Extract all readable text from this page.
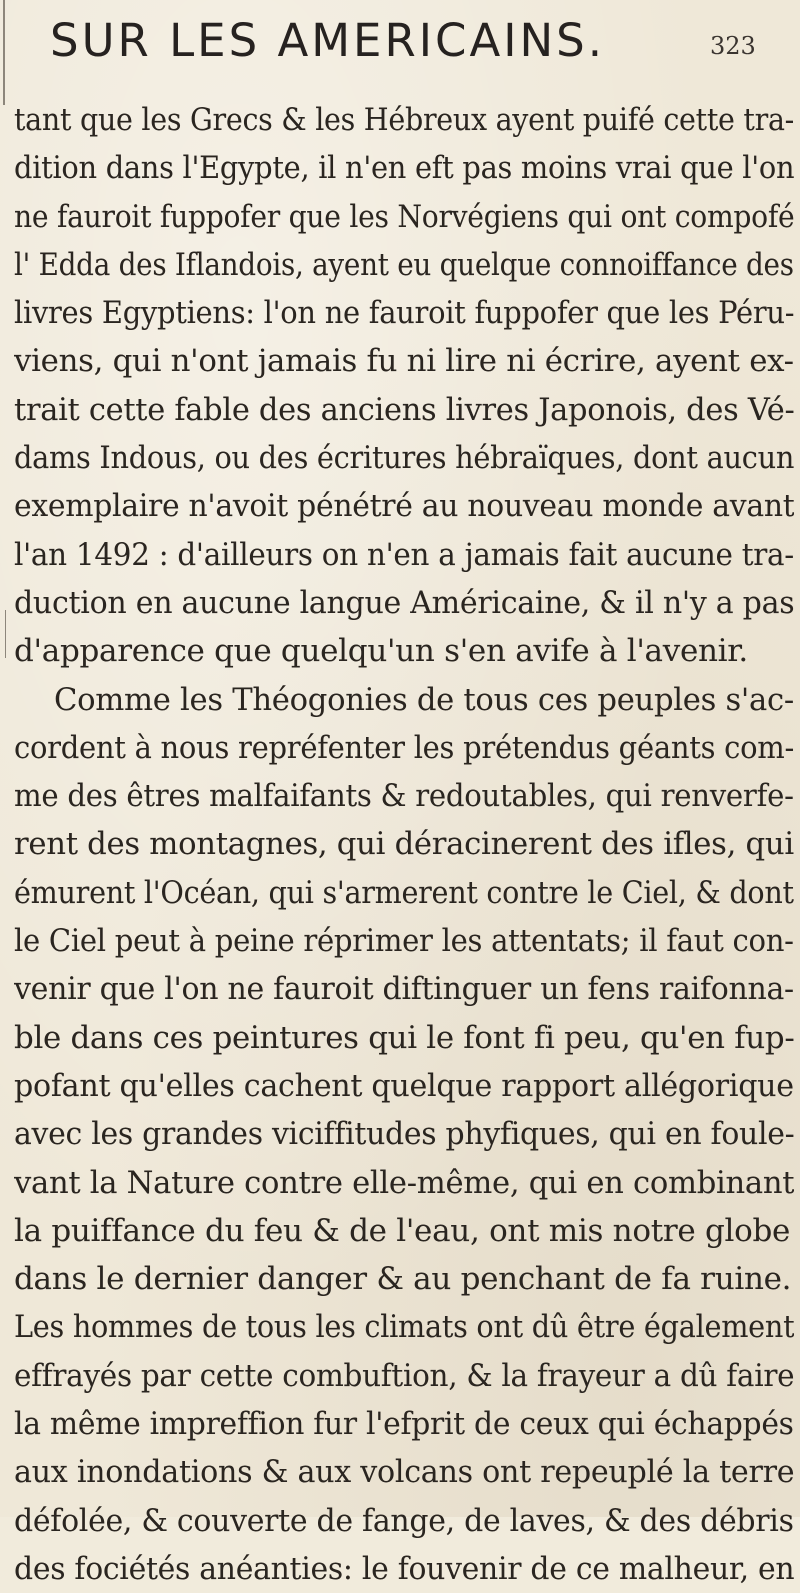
SUR LES AMERICAINS.	323
tant que les Grecs & les Hébreux ayent puifé cette tra-
dition dans l'Egypte, il n'en eft pas moins vrai que l'on
ne fauroit fuppofer que les Norvégiens qui ont compofé
l' Edda des Iflandois, ayent eu quelque connoiffance des
livres Egyptiens: l'on ne fauroit fuppofer que les Péru-
viens, qui n'ont jamais fu ni lire ni écrire, ayent ex-
trait cette fable des anciens livres Japonois, des Vé-
dams Indous, ou des écritures hébraïques, dont aucun
exemplaire n'avoit pénétré au nouveau monde avant
l'an 1492 : d'ailleurs on n'en a jamais fait aucune tra-
duction en aucune langue Américaine, & il n'y a pas
d'apparence que quelqu'un s'en avife à l'avenir.
Comme les Théogonies de tous ces peuples s'ac-
cordent à nous repréfenter les prétendus géants com-
me des êtres malfaifants & redoutables, qui renverfe-
rent des montagnes, qui déracinerent des ifles, qui
émurent l'Océan, qui s'armerent contre le Ciel, & dont
le Ciel peut à peine réprimer les attentats; il faut con-
venir que l'on ne fauroit diftinguer un fens raifonna-
ble dans ces peintures qui le font fi peu, qu'en fup-
pofant qu'elles cachent quelque rapport allégorique
avec les grandes viciffitudes phyfiques, qui en foule-
vant la Nature contre elle-même, qui en combinant
la puiffance du feu & de l'eau, ont mis notre globe
dans le dernier danger & au penchant de fa ruine.
Les hommes de tous les climats ont dû être également
effrayés par cette combuftion, & la frayeur a dû faire
la même impreffion fur l'efprit de ceux qui échappés
aux inondations & aux volcans ont repeuplé la terre
défolée, & couverte de fange, de laves, & des débris
des fociétés anéanties: le fouvenir de ce malheur, en
